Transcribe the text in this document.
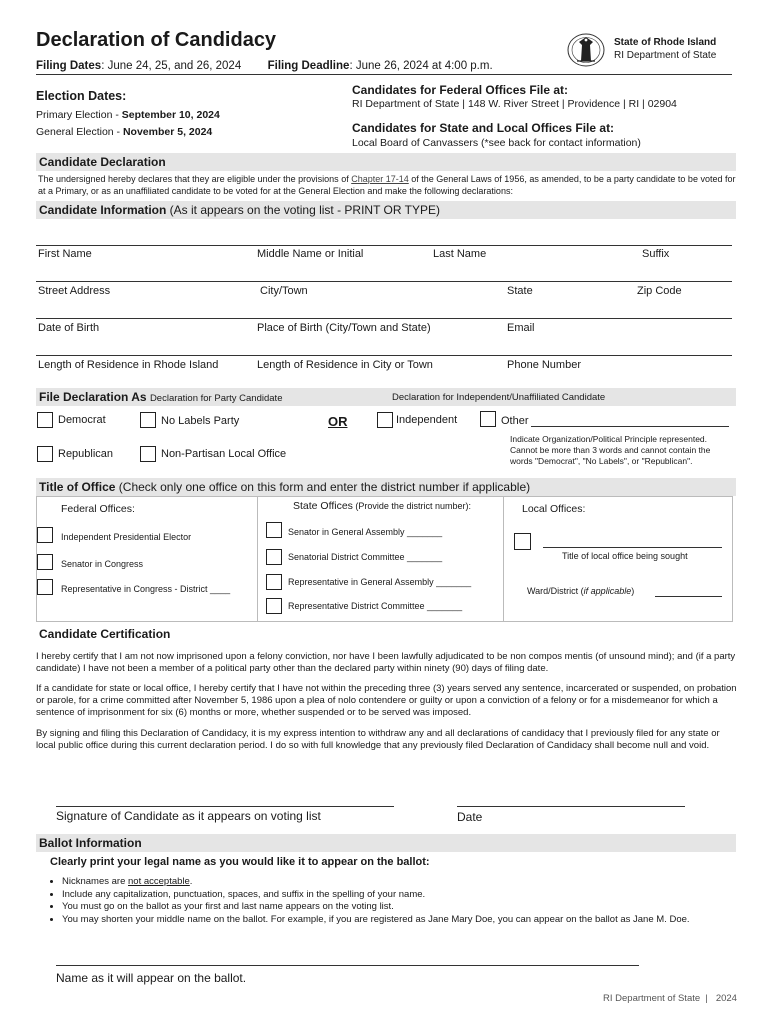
Declaration of Candidacy
Filing Dates: June 24, 25, and 26, 2024 Filing Deadline: June 26, 2024 at 4:00 p.m.
State of Rhode Island
RI Department of State
Election Dates:
Primary Election - September 10, 2024
General Election - November 5, 2024
Candidates for Federal Offices File at:
RI Department of State | 148 W. River Street | Providence | RI | 02904
Candidates for State and Local Offices File at:
Local Board of Canvassers (*see back for contact information)
Candidate Declaration
The undersigned hereby declares that they are eligible under the provisions of Chapter 17-14 of the General Laws of 1956, as amended, to be a party candidate to be voted for at a Primary, or as an unaffiliated candidate to be voted for at the General Election and make the following declarations:
Candidate Information (As it appears on the voting list - PRINT OR TYPE)
First Name	Middle Name or Initial	Last Name	Suffix
Street Address	City/Town	State	Zip Code
Date of Birth	Place of Birth (City/Town and State)	Email
Length of Residence in Rhode Island	Length of Residence in City or Town	Phone Number
File Declaration As Declaration for Party Candidate	Declaration for Independent/Unaffiliated Candidate
Democrat	No Labels Party	OR	Independent	Other
Republican	Non-Partisan Local Office
Indicate Organization/Political Principle represented. Cannot be more than 3 words and cannot contain the words "Democrat", "No Labels", or "Republican".
Title of Office (Check only one office on this form and enter the district number if applicable)
Federal Offices:	State Offices (Provide the district number):	Local Offices:
Independent Presidential Elector
Senator in Congress
Representative in Congress - District ____
Senator in General Assembly _______
Senatorial District Committee _______
Representative in General Assembly _______
Representative District Committee _______
Title of local office being sought
Ward/District (if applicable)
Candidate Certification
I hereby certify that I am not now imprisoned upon a felony conviction, nor have I been lawfully adjudicated to be non compos mentis (of unsound mind); and (if a party candidate) I have not been a member of a political party other than the declared party within ninety (90) days of filing date.
If a candidate for state or local office, I hereby certify that I have not within the preceding three (3) years served any sentence, incarcerated or suspended, on probation or parole, for a crime committed after November 5, 1986 upon a plea of nolo contendere or guilty or upon a conviction of a felony or for a misdemeanor for which a sentence of imprisonment for six (6) months or more, whether suspended or to be served was imposed.
By signing and filing this Declaration of Candidacy, it is my express intention to withdraw any and all declarations of candidacy that I previously filed for any state or local public office during this current declaration period. I do so with full knowledge that any previously filed Declaration of Candidacy shall become null and void.
Signature of Candidate as it appears on voting list	Date
Ballot Information
Clearly print your legal name as you would like it to appear on the ballot:
• Nicknames are not acceptable.
• Include any capitalization, punctuation, spaces, and suffix in the spelling of your name.
• You must go on the ballot as your first and last name appears on the voting list.
• You may shorten your middle name on the ballot. For example, if you are registered as Jane Mary Doe, you can appear on the ballot as Jane M. Doe.
Name as it will appear on the ballot.
RI Department of State  |   2024
